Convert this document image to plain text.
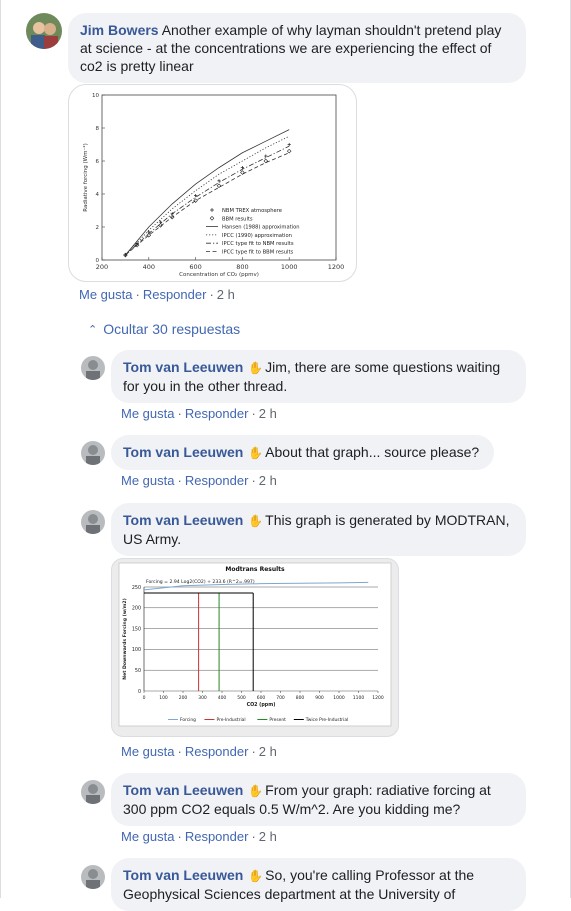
Jim Bowers Another example of why layman shouldn't pretend play at science - at the concentrations we are experiencing the effect of co2 is pretty linear
200	400	600	800	1000	1200
0
2
4
6
8
10
Concentration of CO₂ (ppmv)
Radiative forcing (Wm⁻²)	NBM TREX atmosphere
BBM results
Hansen (1988) approximation
IPCC (1990) approximation
IPCC type fit to NBM results
IPCC type fit to BBM results
Me gusta · Responder · 2 h
⌃ Ocultar 30 respuestas
Tom van Leeuwen ✋ Jim, there are some questions waiting for you in the other thread.
Me gusta · Responder · 2 h
Tom van Leeuwen ✋ About that graph... source please?
Me gusta · Responder · 2 h
Tom van Leeuwen ✋ This graph is generated by MODTRAN, US Army.
Modtrans Results
Forcing = 2.94 Log2(CO2) + 233.6 (R^2=.997)
0
50
100
150
200
250
0	100 200 300 400 500 600 700 800 900 1000 1100 1200
CO2 (ppm)
Net Downwards Forcing (w/m2)
Forcing	Pre-Industrial	Present	Twice Pre-Industrial
Me gusta · Responder · 2 h
Tom van Leeuwen ✋ From your graph: radiative forcing at 300 ppm CO2 equals 0.5 W/m^2. Are you kidding me?
Me gusta · Responder · 2 h
Tom van Leeuwen ✋ So, you're calling Professor at the Geophysical Sciences department at the University of
